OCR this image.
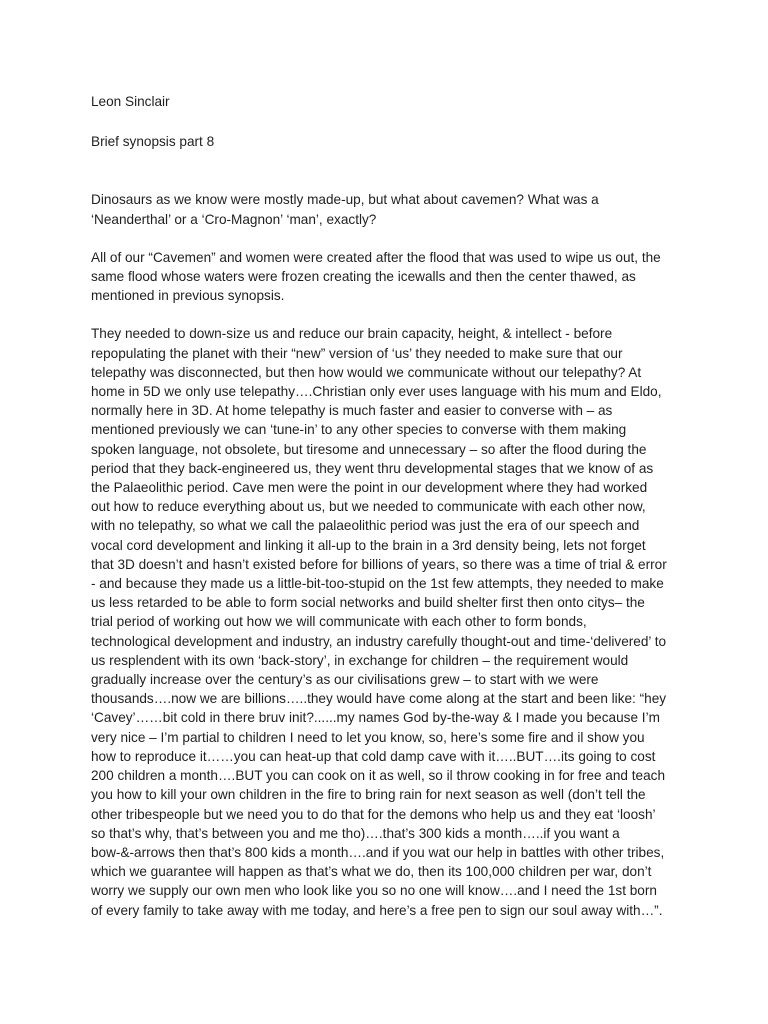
Leon Sinclair

Brief synopsis part 8

Dinosaurs as we know were mostly made-up, but what about cavemen? What was a
‘Neanderthal’ or a ‘Cro-Magnon’ ‘man’, exactly?

All of our “Cavemen” and women were created after the flood that was used to wipe us out, the
same flood whose waters were frozen creating the icewalls and then the center thawed, as
mentioned in previous synopsis.

They needed to down-size us and reduce our brain capacity, height, & intellect - before
repopulating the planet with their “new” version of ‘us’ they needed to make sure that our
telepathy was disconnected, but then how would we communicate without our telepathy? At
home in 5D we only use telepathy….Christian only ever uses language with his mum and Eldo,
normally here in 3D. At home telepathy is much faster and easier to converse with – as
mentioned previously we can ‘tune-in’ to any other species to converse with them making
spoken language, not obsolete, but tiresome and unnecessary – so after the flood during the
period that they back-engineered us, they went thru developmental stages that we know of as
the Palaeolithic period. Cave men were the point in our development where they had worked
out how to reduce everything about us, but we needed to communicate with each other now,
with no telepathy, so what we call the palaeolithic period was just the era of our speech and
vocal cord development and linking it all-up to the brain in a 3rd density being, lets not forget
that 3D doesn’t and hasn’t existed before for billions of years, so there was a time of trial & error
- and because they made us a little-bit-too-stupid on the 1st few attempts, they needed to make
us less retarded to be able to form social networks and build shelter first then onto citys– the
trial period of working out how we will communicate with each other to form bonds,
technological development and industry, an industry carefully thought-out and time-‘delivered’ to
us resplendent with its own ‘back-story’, in exchange for children – the requirement would
gradually increase over the century’s as our civilisations grew – to start with we were
thousands….now we are billions…..they would have come along at the start and been like: “hey
‘Cavey’……bit cold in there bruv init?......my names God by-the-way & I made you because I’m
very nice – I’m partial to children I need to let you know, so, here’s some fire and il show you
how to reproduce it……you can heat-up that cold damp cave with it…..BUT….its going to cost
200 children a month….BUT you can cook on it as well, so il throw cooking in for free and teach
you how to kill your own children in the fire to bring rain for next season as well (don’t tell the
other tribespeople but we need you to do that for the demons who help us and they eat ‘loosh’
so that’s why, that’s between you and me tho)….that’s 300 kids a month…..if you want a
bow-&-arrows then that’s 800 kids a month….and if you wat our help in battles with other tribes,
which we guarantee will happen as that’s what we do, then its 100,000 children per war, don’t
worry we supply our own men who look like you so no one will know….and I need the 1st born
of every family to take away with me today, and here’s a free pen to sign our soul away with…”.
